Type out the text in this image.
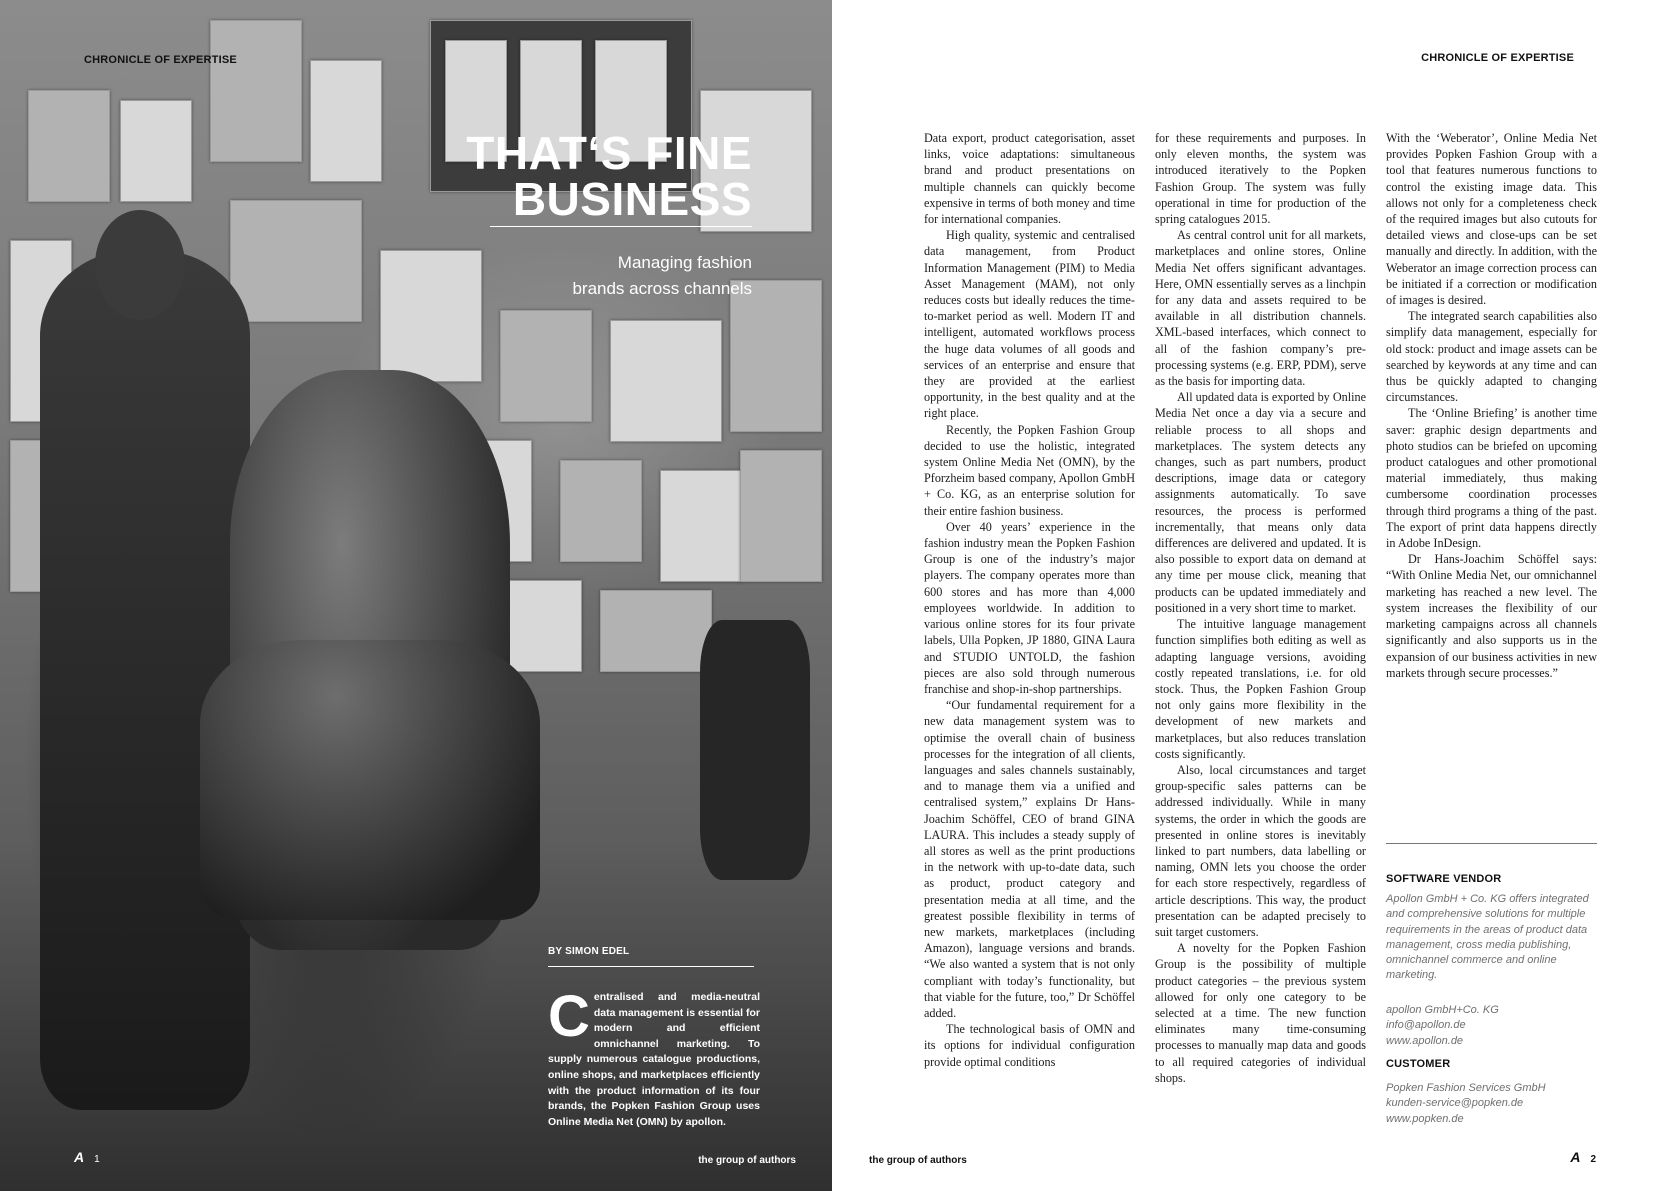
CHRONICLE OF EXPERTISE
THAT‘S FINE
BUSINESS
Managing fashion
brands across channels
BY SIMON EDEL
Centralised and media-neutral data management is essential for modern and efficient omnichannel marketing. To supply numerous catalogue productions, online shops, and marketplaces efficiently with the product information of its four brands, the Popken Fashion Group uses Online Media Net (OMN) by apollon.
A 1	the group of authors
CHRONICLE OF EXPERTISE

Data export, product categorisation, asset links, voice adaptations: simultaneous brand and product presentations on multiple channels can quickly become expensive in terms of both money and time for international companies.

High quality, systemic and centralised data management, from Product Information Management (PIM) to Media Asset Management (MAM), not only reduces costs but ideally reduces the time-to-market period as well. Modern IT and intelligent, automated workflows process the huge data volumes of all goods and services of an enterprise and ensure that they are provided at the earliest opportunity, in the best quality and at the right place.

Recently, the Popken Fashion Group decided to use the holistic, integrated system Online Media Net (OMN), by the Pforzheim based company, Apollon GmbH + Co. KG, as an enterprise solution for their entire fashion business.

Over 40 years’ experience in the fashion industry mean the Popken Fashion Group is one of the industry’s major players. The company operates more than 600 stores and has more than 4,000 employees worldwide. In addition to various online stores for its four private labels, Ulla Popken, JP 1880, GINA Laura and STUDIO UNTOLD, the fashion pieces are also sold through numerous franchise and shop-in-shop partnerships.

“Our fundamental requirement for a new data management system was to optimise the overall chain of business processes for the integration of all clients, languages and sales channels sustainably, and to manage them via a unified and centralised system,” explains Dr Hans-Joachim Schöffel, CEO of brand GINA LAURA. This includes a steady supply of all stores as well as the print productions in the network with up-to-date data, such as product, product category and presentation media at all time, and the greatest possible flexibility in terms of new markets, marketplaces (including Amazon), language versions and brands. “We also wanted a system that is not only compliant with today’s functionality, but that viable for the future, too,” Dr Schöffel added.

The technological basis of OMN and its options for individual configuration provide optimal conditions

for these requirements and purposes. In only eleven months, the system was introduced iteratively to the Popken Fashion Group. The system was fully operational in time for production of the spring catalogues 2015.

As central control unit for all markets, marketplaces and online stores, Online Media Net offers significant advantages. Here, OMN essentially serves as a linchpin for any data and assets required to be available in all distribution channels. XML-based interfaces, which connect to all of the fashion company’s pre-processing systems (e.g. ERP, PDM), serve as the basis for importing data.

All updated data is exported by Online Media Net once a day via a secure and reliable process to all shops and marketplaces. The system detects any changes, such as part numbers, product descriptions, image data or category assignments automatically. To save resources, the process is performed incrementally, that means only data differences are delivered and updated. It is also possible to export data on demand at any time per mouse click, meaning that products can be updated immediately and positioned in a very short time to market.

The intuitive language management function simplifies both editing as well as adapting language versions, avoiding costly repeated translations, i.e. for old stock. Thus, the Popken Fashion Group not only gains more flexibility in the development of new markets and marketplaces, but also reduces translation costs significantly.

Also, local circumstances and target group-specific sales patterns can be addressed individually. While in many systems, the order in which the goods are presented in online stores is inevitably linked to part numbers, data labelling or naming, OMN lets you choose the order for each store respectively, regardless of article descriptions. This way, the product presentation can be adapted precisely to suit target customers.

A novelty for the Popken Fashion Group is the possibility of multiple product categories – the previous system allowed for only one category to be selected at a time. The new function eliminates many time-consuming processes to manually map data and goods to all required categories of individual shops.

With the ‘Weberator’, Online Media Net provides Popken Fashion Group with a tool that features numerous functions to control the existing image data. This allows not only for a completeness check of the required images but also cutouts for detailed views and close-ups can be set manually and directly. In addition, with the Weberator an image correction process can be initiated if a correction or modification of images is desired.

The integrated search capabilities also simplify data management, especially for old stock: product and image assets can be searched by keywords at any time and can thus be quickly adapted to changing circumstances.

The ‘Online Briefing’ is another time saver: graphic design departments and photo studios can be briefed on upcoming product catalogues and other promotional material immediately, thus making cumbersome coordination processes through third programs a thing of the past. The export of print data happens directly in Adobe InDesign.

Dr Hans-Joachim Schöffel says: “With Online Media Net, our omnichannel marketing has reached a new level. The system increases the flexibility of our marketing campaigns across all channels significantly and also supports us in the expansion of our business activities in new markets through secure processes.”

SOFTWARE VENDOR
Apollon GmbH + Co. KG offers integrated and comprehensive solutions for multiple requirements in the areas of product data management, cross media publishing, omnichannel commerce and online marketing.
apollon GmbH+Co. KG
info@apollon.de
www.apollon.de
CUSTOMER
Popken Fashion Services GmbH
kunden-service@popken.de
www.popken.de
the group of authors	A 2
